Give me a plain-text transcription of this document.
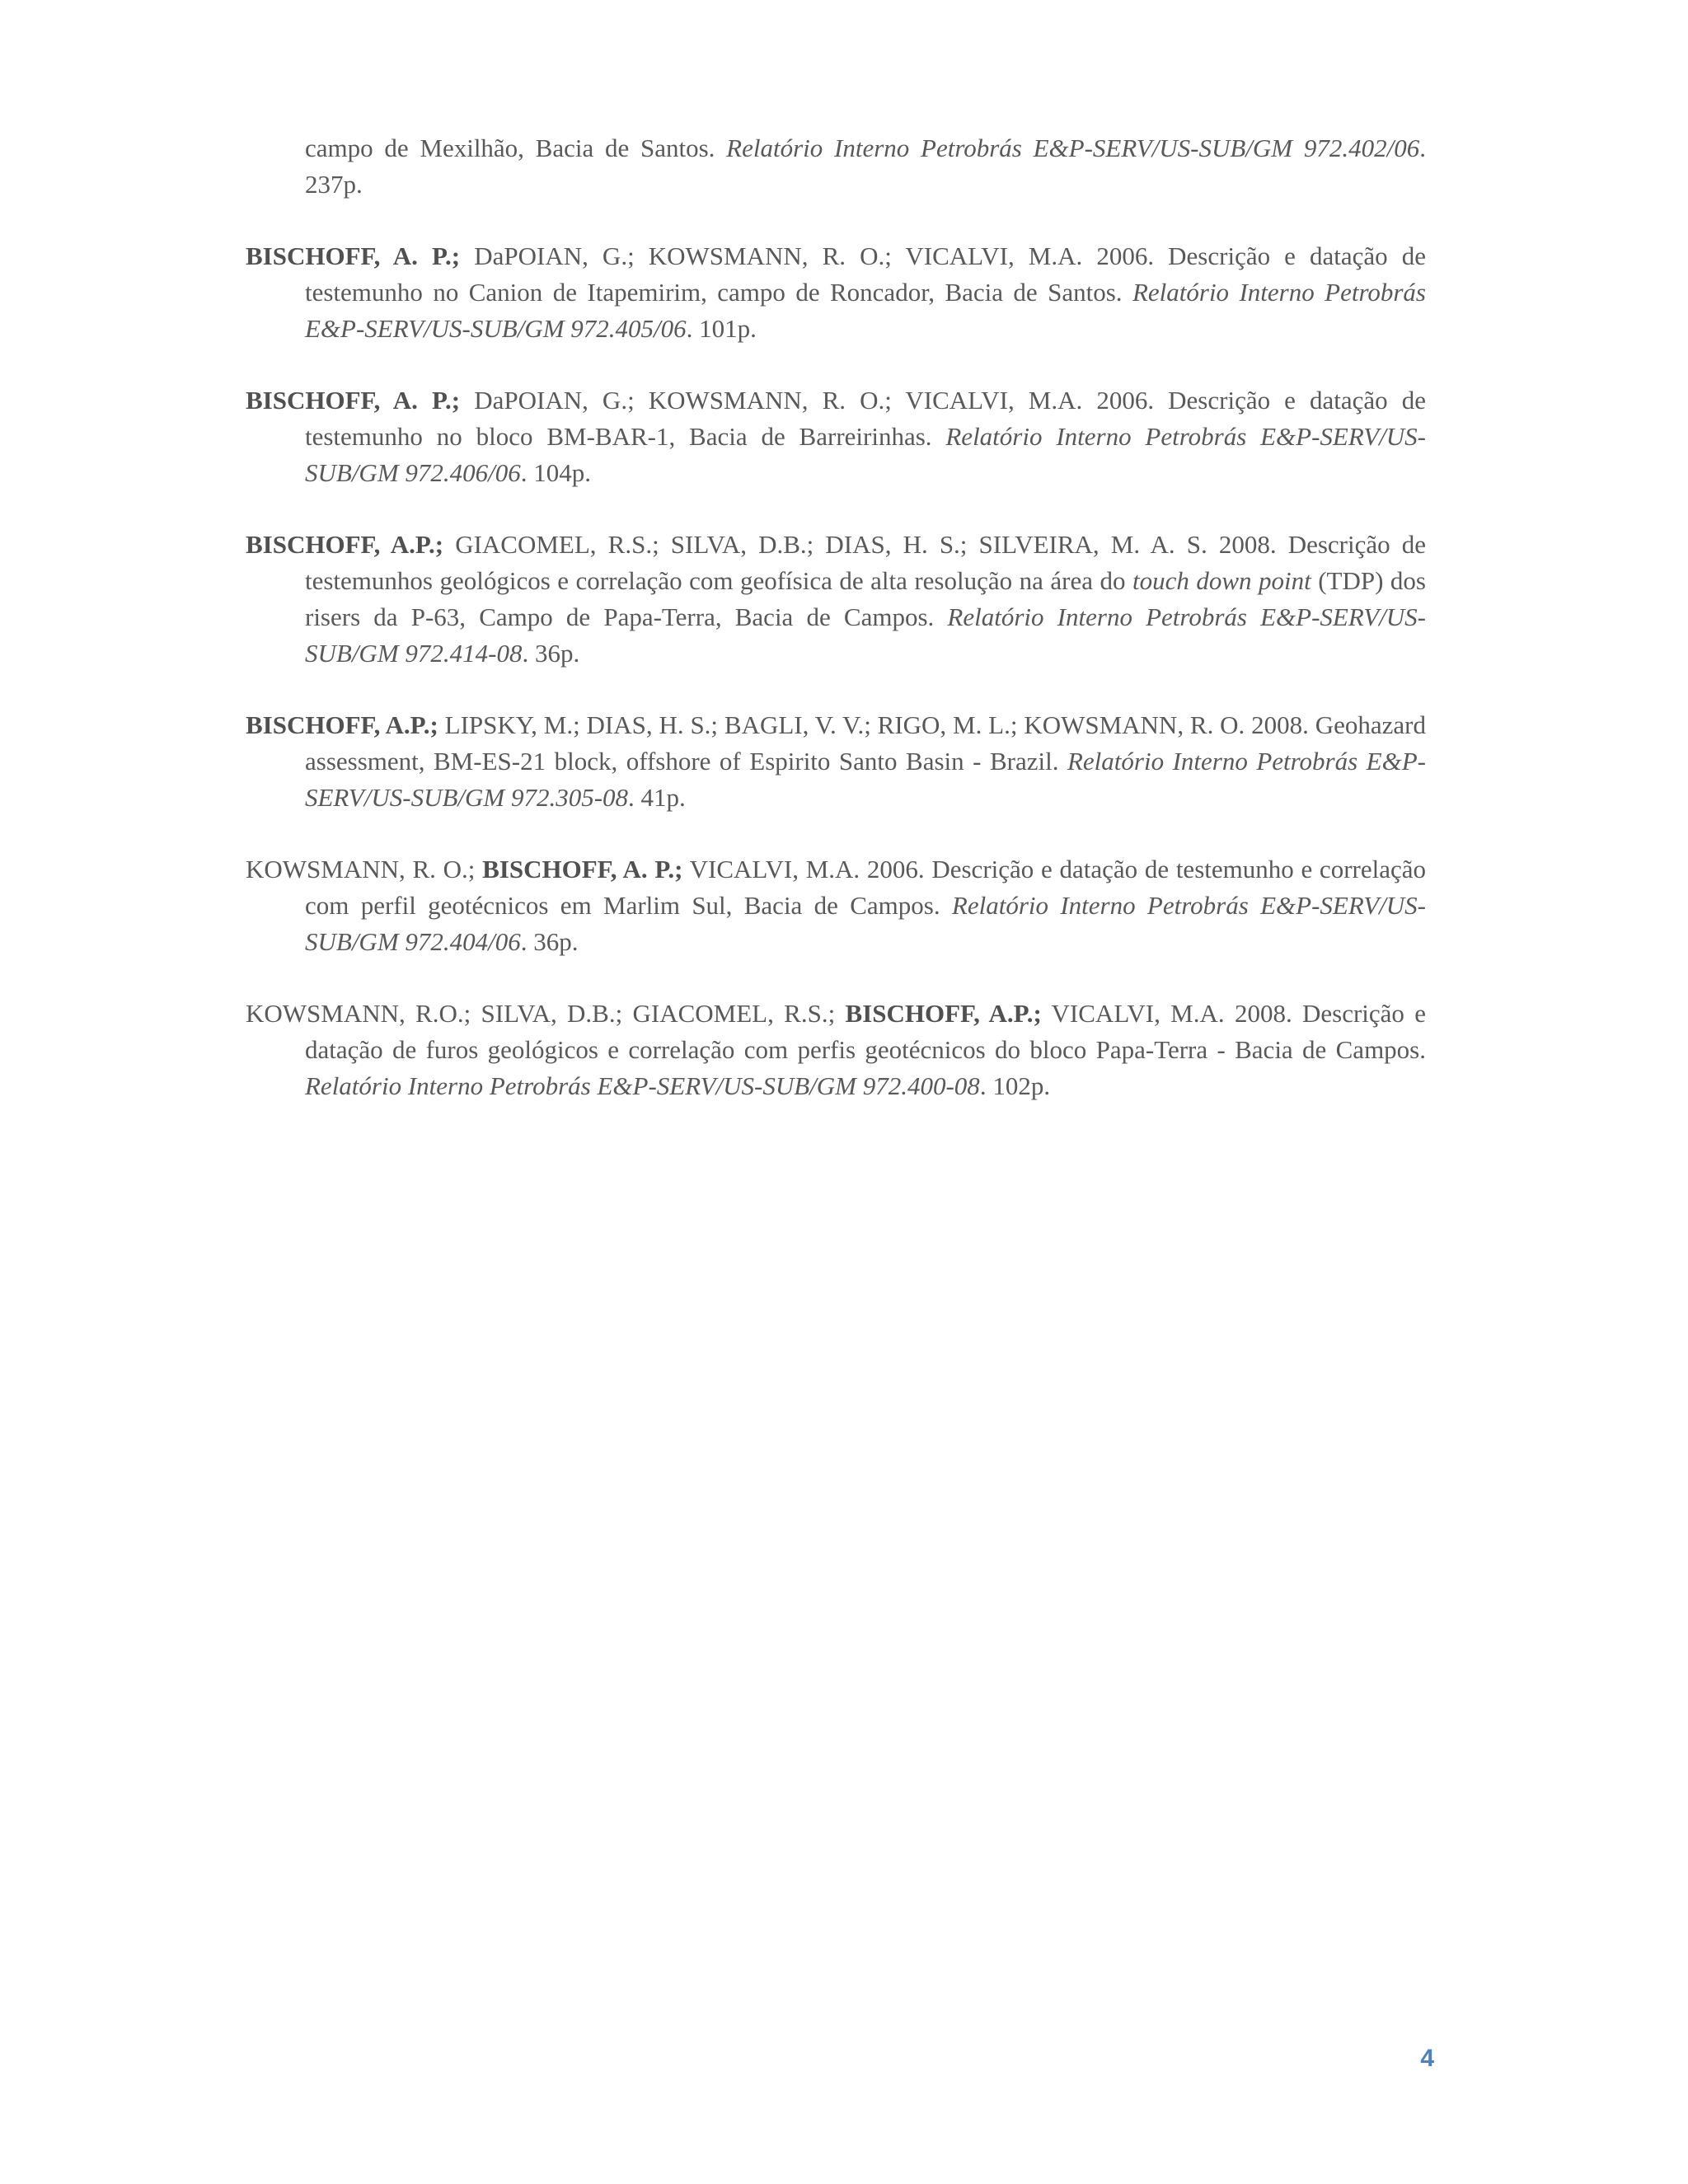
campo de Mexilhão, Bacia de Santos. Relatório Interno Petrobrás E&P-SERV/US-SUB/GM 972.402/06. 237p.
BISCHOFF, A. P.; DaPOIAN, G.; KOWSMANN, R. O.; VICALVI, M.A. 2006. Descrição e datação de testemunho no Canion de Itapemirim, campo de Roncador, Bacia de Santos. Relatório Interno Petrobrás E&P-SERV/US-SUB/GM 972.405/06. 101p.
BISCHOFF, A. P.; DaPOIAN, G.; KOWSMANN, R. O.; VICALVI, M.A. 2006. Descrição e datação de testemunho no bloco BM-BAR-1, Bacia de Barreirinhas. Relatório Interno Petrobrás E&P-SERV/US-SUB/GM 972.406/06. 104p.
BISCHOFF, A.P.; GIACOMEL, R.S.; SILVA, D.B.; DIAS, H. S.; SILVEIRA, M. A. S. 2008. Descrição de testemunhos geológicos e correlação com geofísica de alta resolução na área do touch down point (TDP) dos risers da P-63, Campo de Papa-Terra, Bacia de Campos. Relatório Interno Petrobrás E&P-SERV/US-SUB/GM 972.414-08. 36p.
BISCHOFF, A.P.; LIPSKY, M.; DIAS, H. S.; BAGLI, V. V.; RIGO, M. L.; KOWSMANN, R. O. 2008. Geohazard assessment, BM-ES-21 block, offshore of Espirito Santo Basin - Brazil. Relatório Interno Petrobrás E&P-SERV/US-SUB/GM 972.305-08. 41p.
KOWSMANN, R. O.; BISCHOFF, A. P.; VICALVI, M.A. 2006. Descrição e datação de testemunho e correlação com perfil geotécnicos em Marlim Sul, Bacia de Campos. Relatório Interno Petrobrás E&P-SERV/US-SUB/GM 972.404/06. 36p.
KOWSMANN, R.O.; SILVA, D.B.; GIACOMEL, R.S.; BISCHOFF, A.P.; VICALVI, M.A. 2008. Descrição e datação de furos geológicos e correlação com perfis geotécnicos do bloco Papa-Terra - Bacia de Campos. Relatório Interno Petrobrás E&P-SERV/US-SUB/GM 972.400-08. 102p.
4
